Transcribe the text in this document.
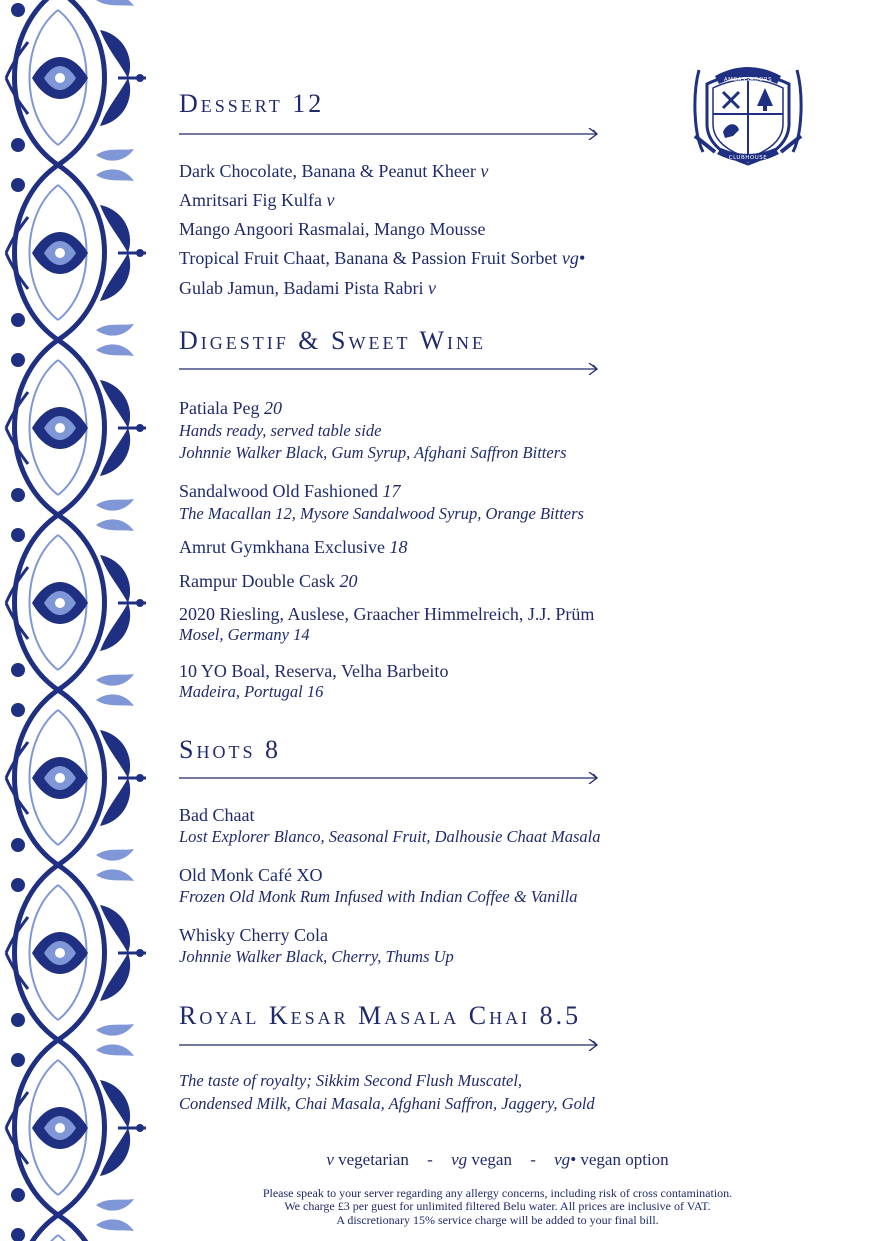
AMBASSADORS
CLUBHOUSE
Dessert 12
Dark Chocolate, Banana & Peanut Kheer v
Amritsari Fig Kulfa v
Mango Angoori Rasmalai, Mango Mousse
Tropical Fruit Chaat, Banana & Passion Fruit Sorbet vg•
Gulab Jamun, Badami Pista Rabri v
Digestif & Sweet Wine
Patiala Peg 20
Hands ready, served table side
Johnnie Walker Black, Gum Syrup, Afghani Saffron Bitters
Sandalwood Old Fashioned 17
The Macallan 12, Mysore Sandalwood Syrup, Orange Bitters
Amrut Gymkhana Exclusive 18
Rampur Double Cask 20
2020 Riesling, Auslese, Graacher Himmelreich, J.J. Prüm
Mosel, Germany 14
10 YO Boal, Reserva, Velha Barbeito
Madeira, Portugal 16
Shots 8
Bad Chaat
Lost Explorer Blanco, Seasonal Fruit, Dalhousie Chaat Masala
Old Monk Café XO
Frozen Old Monk Rum Infused with Indian Coffee & Vanilla
Whisky Cherry Cola
Johnnie Walker Black, Cherry, Thums Up
Royal Kesar Masala Chai 8.5
The taste of royalty; Sikkim Second Flush Muscatel,
Condensed Milk, Chai Masala, Afghani Saffron, Jaggery, Gold
v vegetarian - vg vegan - vg• vegan option
Please speak to your server regarding any allergy concerns, including risk of cross contamination.
We charge £3 per guest for unlimited filtered Belu water. All prices are inclusive of VAT.
A discretionary 15% service charge will be added to your final bill.
